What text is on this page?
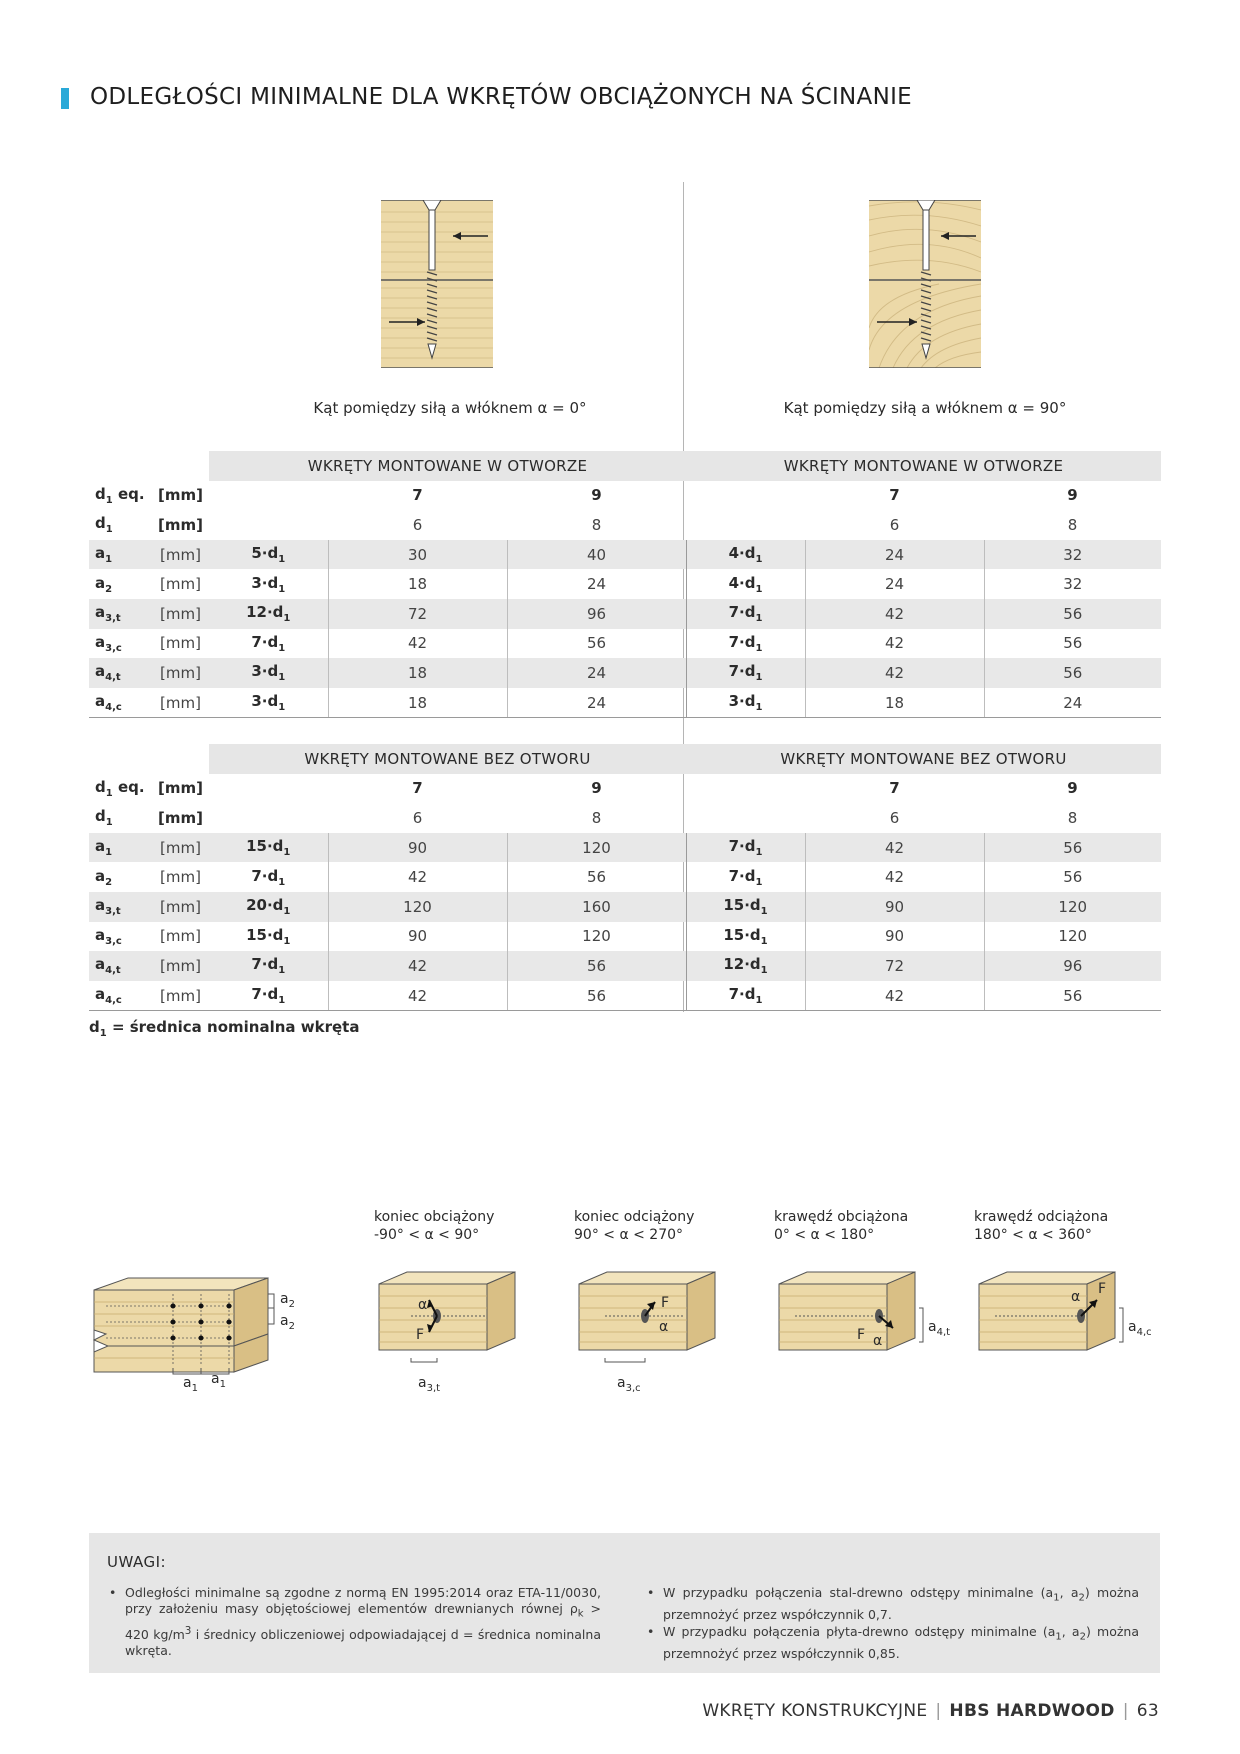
ODLEGŁOŚCI MINIMALNE DLA WKRĘTÓW OBCIĄŻONYCH NA ŚCINANIE
Kąt pomiędzy siłą a włóknem α = 0°	Kąt pomiędzy siłą a włóknem α = 90°
		WKRĘTY MONTOWANE W OTWORZE			WKRĘTY MONTOWANE W OTWORZE		
$d_1$ eq.	[mm]		7	9		7	9
$d_1$	[mm]		6	8		6	8
$a_1$	[mm]	$5\cdot d_1$	30	40	$4\cdot d_1$	24	32
$a_2$	[mm]	$3\cdot d_1$	18	24	$4\cdot d_1$	24	32
$a_{3,t}$	[mm]	$12\cdot d_1$	72	96	$7\cdot d_1$	42	56
$a_{3,c}$	[mm]	$7\cdot d_1$	42	56	$7\cdot d_1$	42	56
$a_{4,t}$	[mm]	$3\cdot d_1$	18	24	$7\cdot d_1$	42	56
$a_{4,c}$	[mm]	$3\cdot d_1$	18	24	$3\cdot d_1$	18	24
		WKRĘTY MONTOWANE BEZ OTWORU			WKRĘTY MONTOWANE BEZ OTWORU		
$d_1$ eq.	[mm]		7	9		7	9
$d_1$	[mm]		6	8		6	8
$a_1$	[mm]	$15\cdot d_1$	90	120	$7\cdot d_1$	42	56
$a_2$	[mm]	$7\cdot d_1$	42	56	$7\cdot d_1$	42	56
$a_{3,t}$	[mm]	$20\cdot d_1$	120	160	$15\cdot d_1$	90	120
$a_{3,c}$	[mm]	$15\cdot d_1$	90	120	$15\cdot d_1$	90	120
$a_{4,t}$	[mm]	$7\cdot d_1$	42	56	$12\cdot d_1$	72	96
$a_{4,c}$	[mm]	$7\cdot d_1$	42	56	$7\cdot d_1$	42	56
$d_1$ = średnica nominalna wkręta
$a_2$
$a_2$
$a_1$
$a_1$
koniec obciążony
-90° < α < 90°
koniec odciążony
90° < α < 270°
krawędź obciążona
0° < α < 180°
krawędź odciążona
180° < α < 360°
α
F
$a_{3,t}$
F
α
$a_{3,c}$
F α
$a_{4,t}$
F
α
$a_{4,c}$
UWAGI:
• Odległości minimalne są zgodne z normą EN 1995:2014 oraz ETA-11/0030, przy założeniu masy objętościowej elementów drewnianych równej $\rho_k > 420$ $kg/m^3$ i średnicy obliczeniowej odpowiadającej d = średnica nominalna wkręta.
• W przypadku połączenia stal-drewno odstępy minimalne ($a_1$, $a_2$) można przemnożyć przez współczynnik 0,7.
• W przypadku połączenia płyta-drewno odstępy minimalne ($a_1$, $a_2$) można przemnożyć przez współczynnik 0,85.
WKRĘTY KONSTRUKCYJNE | HBS HARDWOOD | 63
